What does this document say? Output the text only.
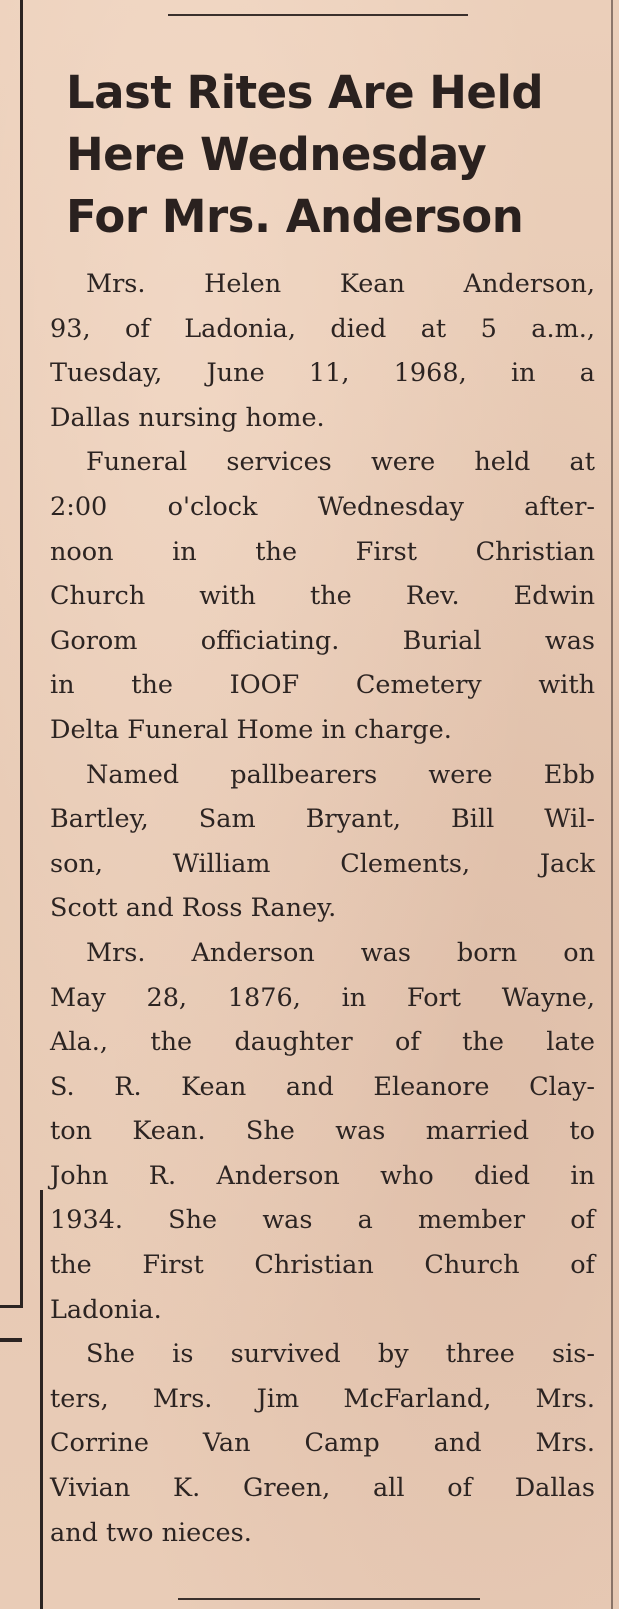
Last Rites Are Held
Here Wednesday
For Mrs. Anderson

Mrs. Helen Kean Anderson,
93, of Ladonia, died at 5 a.m.,
Tuesday, June 11, 1968, in a
Dallas nursing home.

Funeral services were held at
2:00 o'clock Wednesday after-
noon in the First Christian
Church with the Rev. Edwin
Gorom officiating. Burial was
in the IOOF Cemetery with
Delta Funeral Home in charge.

Named pallbearers were Ebb
Bartley, Sam Bryant, Bill Wil-
son, William Clements, Jack
Scott and Ross Raney.

Mrs. Anderson was born on
May 28, 1876, in Fort Wayne,
Ala., the daughter of the late
S. R. Kean and Eleanore Clay-
ton Kean. She was married to
John R. Anderson who died in
1934. She was a member of
the First Christian Church of
Ladonia.

She is survived by three sis-
ters, Mrs. Jim McFarland, Mrs.
Corrine Van Camp and Mrs.
Vivian K. Green, all of Dallas
and two nieces.
